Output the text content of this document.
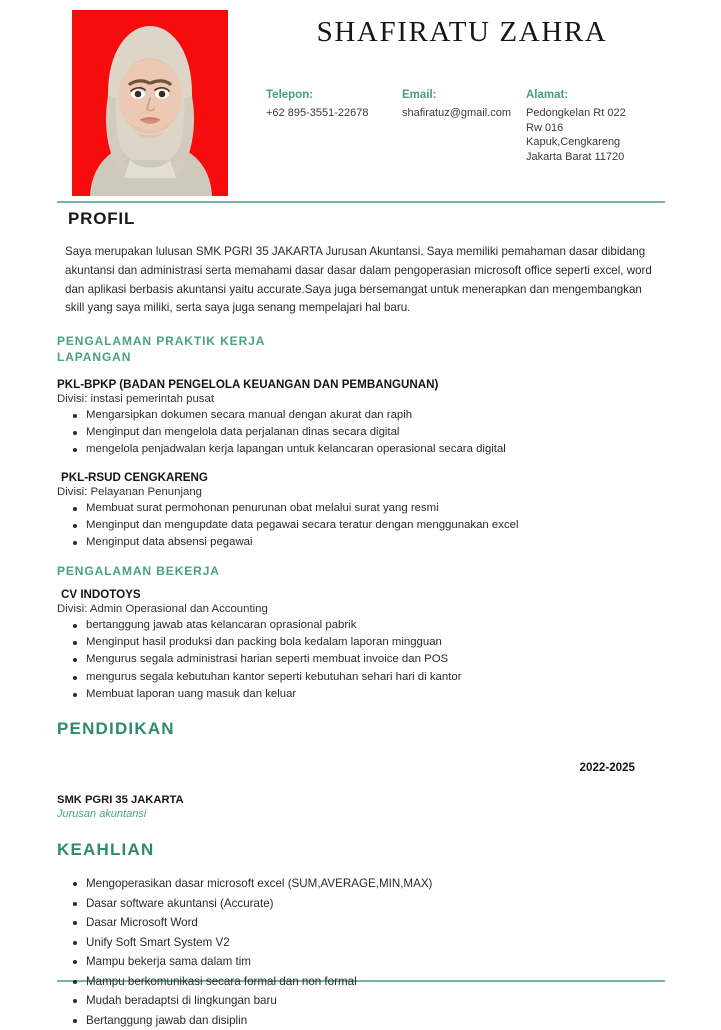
SHAFIRATU ZAHRA
Telepon:
+62 895-3551-22678
Email:
shafiratuz@gmail.com
Alamat:
Pedongkelan Rt 022
Rw 016
Kapuk,Cengkareng
Jakarta Barat 11720
PROFIL
Saya merupakan lulusan SMK PGRI 35 JAKARTA Jurusan Akuntansi. Saya memiliki pemahaman dasar dibidang akuntansi dan administrasi serta memahami dasar dasar dalam pengoperasian microsoft office seperti excel, word dan aplikasi berbasis akuntansi yaitu accurate.Saya juga bersemangat untuk menerapkan dan mengembangkan skill yang saya miliki, serta saya juga senang mempelajari hal baru.
PENGALAMAN PRAKTIK KERJA
LAPANGAN
PKL-BPKP (BADAN PENGELOLA KEUANGAN DAN PEMBANGUNAN)
Divisi: instasi pemerintah pusat
Mengarsipkan dokumen secara manual dengan akurat dan rapih
Menginput dan mengelola data perjalanan dinas secara digital
mengelola penjadwalan kerja lapangan untuk kelancaran operasional secara digital
PKL-RSUD CENGKARENG
Divisi: Pelayanan Penunjang
Membuat surat permohonan penurunan obat melalui surat yang resmi
Menginput dan mengupdate data pegawai secara teratur dengan menggunakan excel
Menginput data absensi pegawai
PENGALAMAN BEKERJA
CV INDOTOYS
Divisi: Admin Operasional dan Accounting
bertanggung jawab atas kelancaran oprasional pabrik
Menginput hasil produksi dan packing bola kedalam laporan mingguan
Mengurus segala administrasi harian seperti membuat invoice dan POS
mengurus segala kebutuhan kantor seperti kebutuhan sehari hari di kantor
Membuat laporan uang masuk dan keluar
PENDIDIKAN
2022-2025
SMK PGRI 35 JAKARTA
Jurusan akuntansi
KEAHLIAN
Mengoperasikan dasar microsoft excel (SUM,AVERAGE,MIN,MAX)
Dasar software akuntansi (Accurate)
Dasar Microsoft Word
Unify Soft Smart System V2
Mampu bekerja sama dalam tim
Mampu berkomunikasi secara formal dan non formal
Mudah beradaptsi di lingkungan baru
Bertanggung jawab dan disiplin
